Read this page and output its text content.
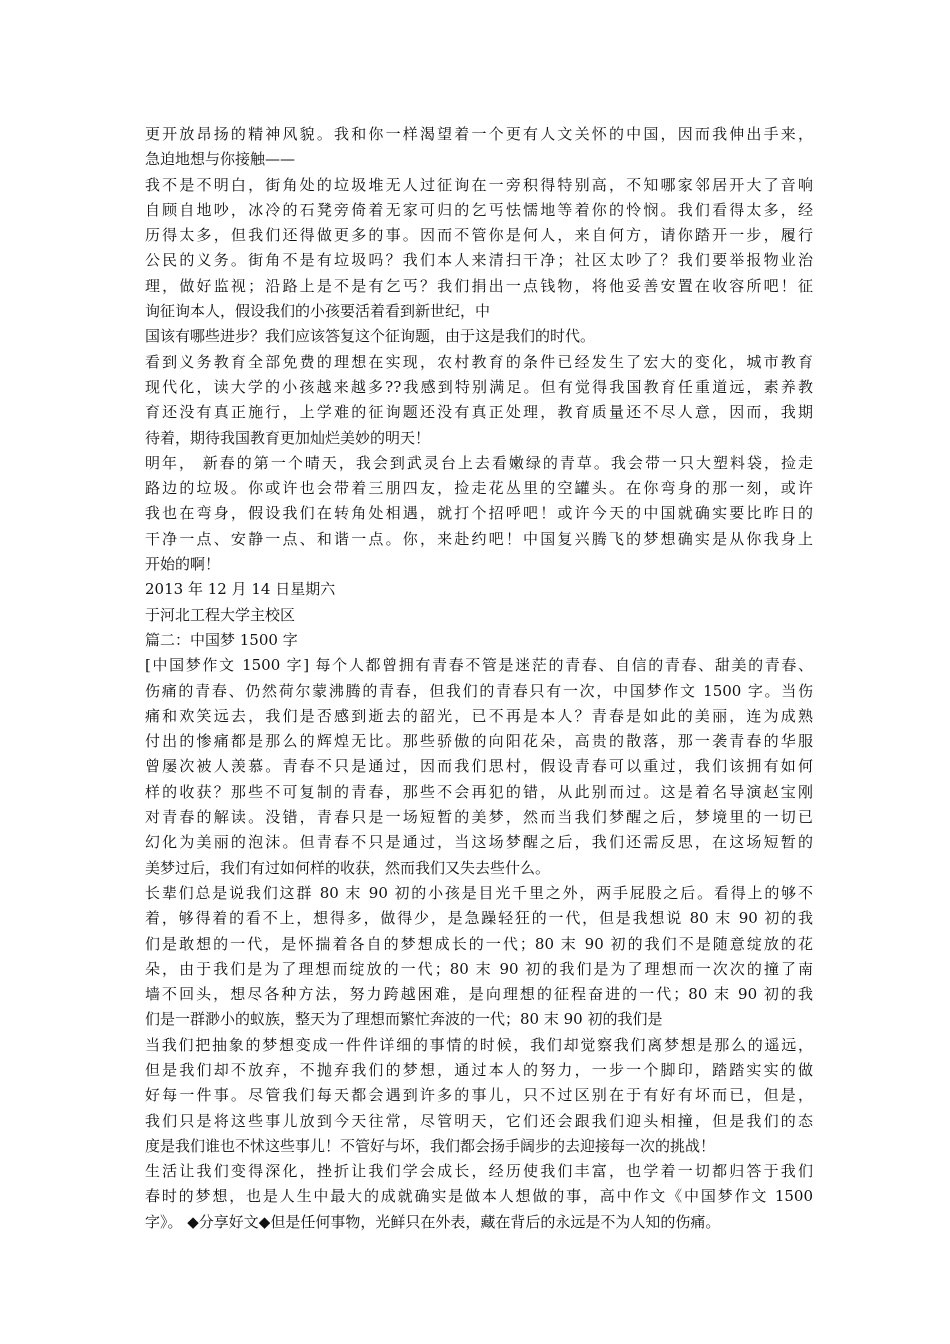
更开放昂扬的精神风貌。我和你一样渴望着一个更有人文关怀的中国，因而我伸出手来，
急迫地想与你接触——
我不是不明白，街角处的垃圾堆无人过征询在一旁积得特别高，不知哪家邻居开大了音响
自顾自地吵，冰冷的石凳旁倚着无家可归的乞丐怯懦地等着你的怜悯。我们看得太多，经
历得太多，但我们还得做更多的事。因而不管你是何人，来自何方，请你踏开一步，履行
公民的义务。街角不是有垃圾吗？我们本人来清扫干净；社区太吵了？我们要举报物业治
理，做好监视；沿路上是不是有乞丐？我们捐出一点钱物，将他妥善安置在收容所吧！征
询征询本人，假设我们的小孩要活着看到新世纪，中
国该有哪些进步？我们应该答复这个征询题，由于这是我们的时代。
看到义务教育全部免费的理想在实现，农村教育的条件已经发生了宏大的变化，城市教育
现代化，读大学的小孩越来越多??我感到特别满足。但有觉得我国教育任重道远，素养教
育还没有真正施行，上学难的征询题还没有真正处理，教育质量还不尽人意，因而，我期
待着，期待我国教育更加灿烂美妙的明天！
明年， 新春的第一个晴天，我会到武灵台上去看嫩绿的青草。我会带一只大塑料袋，捡走
路边的垃圾。你或许也会带着三朋四友，捡走花丛里的空罐头。在你弯身的那一刻，或许
我也在弯身，假设我们在转角处相遇，就打个招呼吧！或许今天的中国就确实要比昨日的
干净一点、安静一点、和谐一点。你，来赴约吧！中国复兴腾飞的梦想确实是从你我身上
开始的啊！
2013 年 12 月 14 日星期六
于河北工程大学主校区
篇二：中国梦 1500 字
[中国梦作文 1500 字] 每个人都曾拥有青春不管是迷茫的青春、自信的青春、甜美的青春、
伤痛的青春、仍然荷尔蒙沸腾的青春，但我们的青春只有一次，中国梦作文 1500 字。当伤
痛和欢笑远去，我们是否感到逝去的韶光，已不再是本人？青春是如此的美丽，连为成熟
付出的惨痛都是那么的辉煌无比。那些骄傲的向阳花朵，高贵的散落，那一袭青春的华服
曾屡次被人羡慕。青春不只是通过，因而我们思村，假设青春可以重过，我们该拥有如何
样的收获？那些不可复制的青春，那些不会再犯的错，从此别而过。这是着名导演赵宝刚
对青春的解读。没错，青春只是一场短暂的美梦，然而当我们梦醒之后，梦境里的一切已
幻化为美丽的泡沫。但青春不只是通过，当这场梦醒之后，我们还需反思，在这场短暂的
美梦过后，我们有过如何样的收获，然而我们又失去些什么。
长辈们总是说我们这群 80 末 90 初的小孩是目光千里之外，两手屁股之后。看得上的够不
着，够得着的看不上，想得多，做得少，是急躁轻狂的一代，但是我想说 80 末 90 初的我
们是敢想的一代，是怀揣着各自的梦想成长的一代；80 末 90 初的我们不是随意绽放的花
朵，由于我们是为了理想而绽放的一代；80 末 90 初的我们是为了理想而一次次的撞了南
墙不回头，想尽各种方法，努力跨越困难，是向理想的征程奋进的一代；80 末 90 初的我
们是一群渺小的蚁族，整天为了理想而繁忙奔波的一代；80 末 90 初的我们是
当我们把抽象的梦想变成一件件详细的事情的时候，我们却觉察我们离梦想是那么的遥远，
但是我们却不放弃，不抛弃我们的梦想，通过本人的努力，一步一个脚印，踏踏实实的做
好每一件事。尽管我们每天都会遇到许多的事儿，只不过区别在于有好有坏而已，但是，
我们只是将这些事儿放到今天往常，尽管明天，它们还会跟我们迎头相撞，但是我们的态
度是我们谁也不怵这些事儿！不管好与坏，我们都会扬手阔步的去迎接每一次的挑战！
生活让我们变得深化，挫折让我们学会成长，经历使我们丰富，也学着一切都归答于我们
春时的梦想，也是人生中最大的成就确实是做本人想做的事，高中作文《中国梦作文 1500
字》。 ◆分享好文◆但是任何事物，光鲜只在外表，藏在背后的永远是不为人知的伤痛。
